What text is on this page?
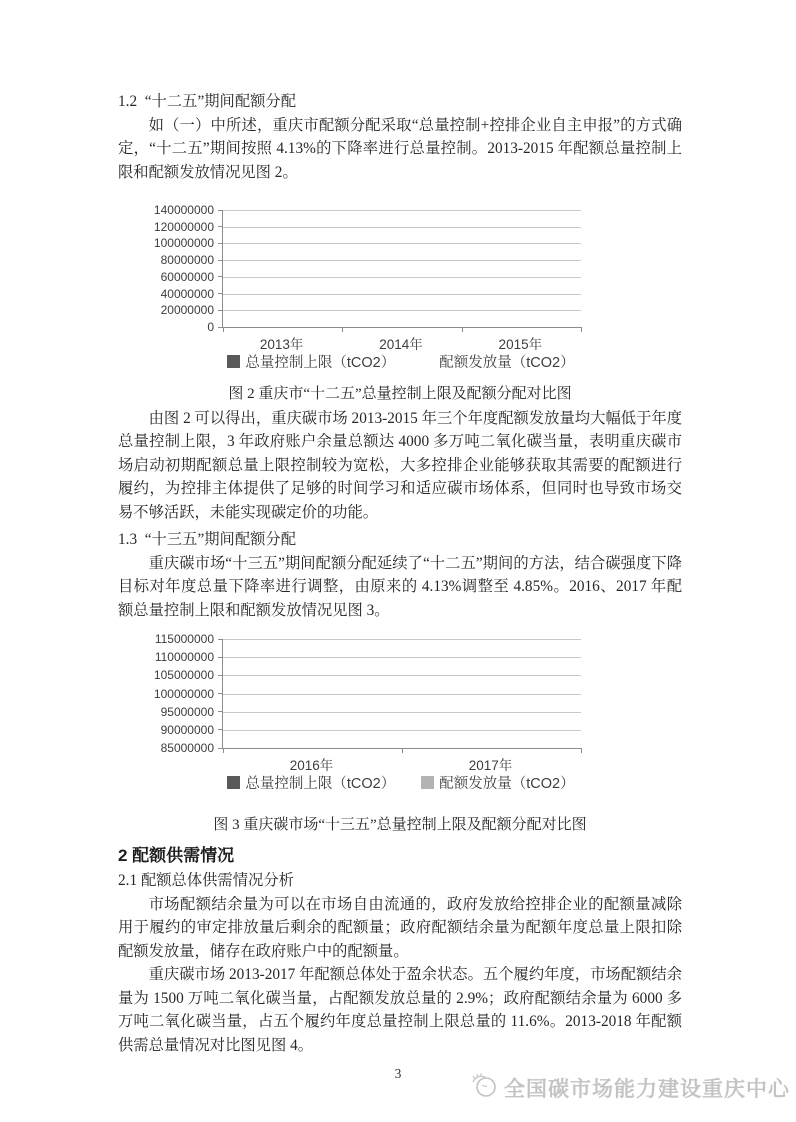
1.2  “十二五”期间配额分配

如（一）中所述，重庆市配额分配采取“总量控制+控排企业自主申报”的方式确定，“十二五”期间按照 4.13%的下降率进行总量控制。2013-2015 年配额总量控制上限和配额发放情况见图 2。

140000000
120000000
100000000
80000000
60000000
40000000
20000000
0
2013年	2014年	2015年
总量控制上限（tCO2）	配额发放量（tCO2）

图 2 重庆市“十二五”总量控制上限及配额分配对比图

由图 2 可以得出，重庆碳市场 2013-2015 年三个年度配额发放量均大幅低于年度总量控制上限，3 年政府账户余量总额达 4000 多万吨二氧化碳当量，表明重庆碳市场启动初期配额总量上限控制较为宽松，大多控排企业能够获取其需要的配额进行履约，为控排主体提供了足够的时间学习和适应碳市场体系，但同时也导致市场交易不够活跃，未能实现碳定价的功能。

1.3  “十三五”期间配额分配

重庆碳市场“十三五”期间配额分配延续了“十二五”期间的方法，结合碳强度下降目标对年度总量下降率进行调整，由原来的 4.13%调整至 4.85%。2016、2017 年配额总量控制上限和配额发放情况见图 3。

115000000
110000000
105000000
100000000
95000000
90000000
85000000
2016年	2017年
总量控制上限（tCO2）	配额发放量（tCO2）

图 3 重庆碳市场“十三五”总量控制上限及配额分配对比图

2 配额供需情况
2.1 配额总体供需情况分析

市场配额结余量为可以在市场自由流通的，政府发放给控排企业的配额量减除用于履约的审定排放量后剩余的配额量；政府配额结余量为配额年度总量上限扣除配额发放量，储存在政府账户中的配额量。

重庆碳市场 2013-2017 年配额总体处于盈余状态。五个履约年度，市场配额结余量为 1500 万吨二氧化碳当量，占配额发放总量的 2.9%；政府配额结余量为 6000 多万吨二氧化碳当量，占五个履约年度总量控制上限总量的 11.6%。2013-2018 年配额供需总量情况对比图见图 4。

3
全国碳市场能力建设重庆中心
